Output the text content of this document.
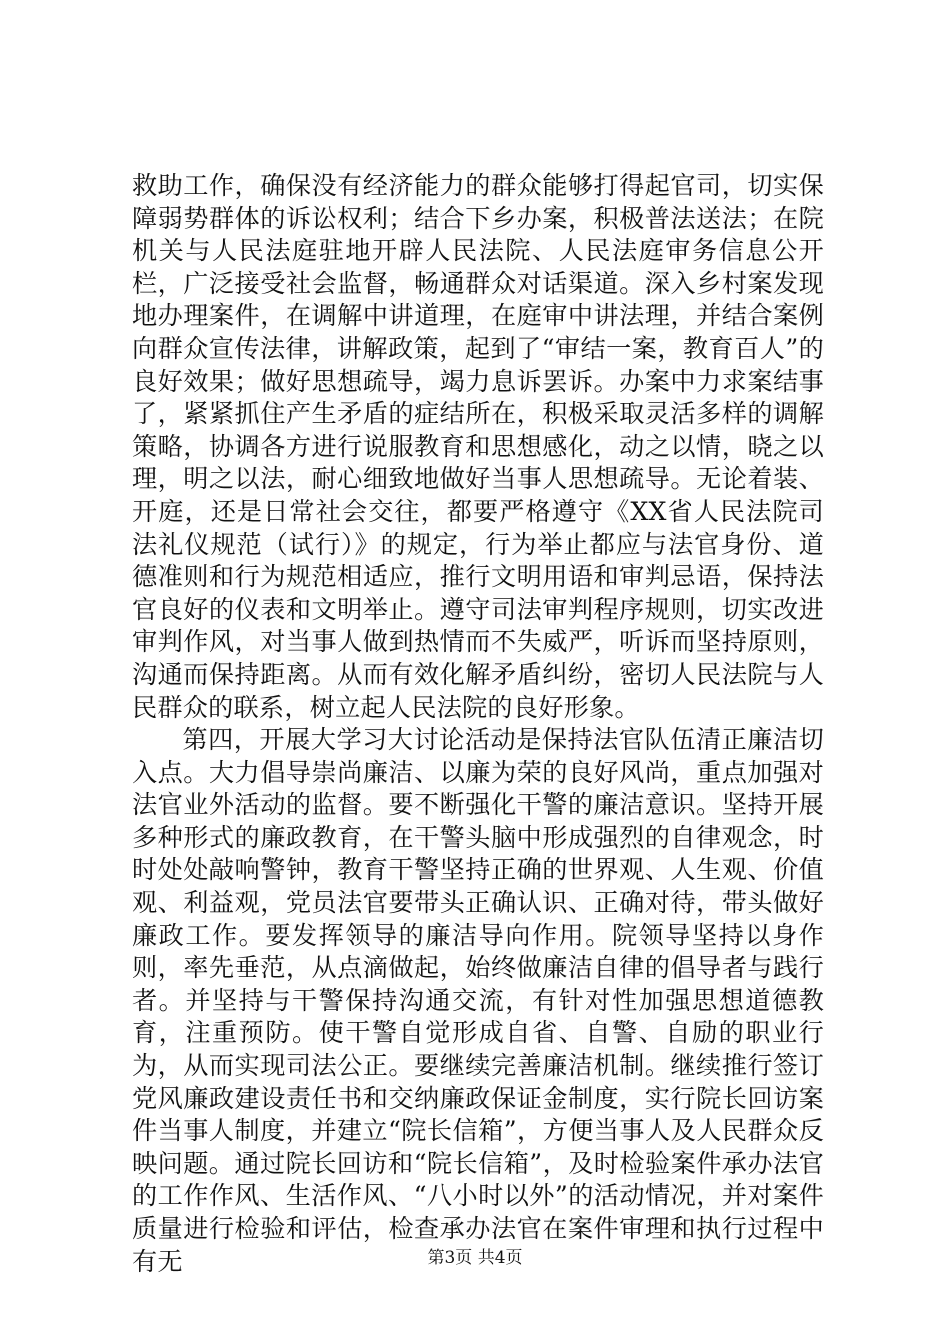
救助工作，确保没有经济能力的群众能够打得起官司，切实保障弱势群体的诉讼权利；结合下乡办案，积极普法送法；在院机关与人民法庭驻地开辟人民法院、人民法庭审务信息公开栏，广泛接受社会监督，畅通群众对话渠道。深入乡村案发现地办理案件，在调解中讲道理，在庭审中讲法理，并结合案例向群众宣传法律，讲解政策，起到了“审结一案，教育百人”的良好效果；做好思想疏导，竭力息诉罢诉。办案中力求案结事了，紧紧抓住产生矛盾的症结所在，积极采取灵活多样的调解策略，协调各方进行说服教育和思想感化，动之以情，晓之以理，明之以法，耐心细致地做好当事人思想疏导。无论着装、开庭，还是日常社会交往，都要严格遵守《XX省人民法院司法礼仪规范（试行）》的规定，行为举止都应与法官身份、道德准则和行为规范相适应，推行文明用语和审判忌语，保持法官良好的仪表和文明举止。遵守司法审判程序规则，切实改进审判作风，对当事人做到热情而不失威严，听诉而坚持原则，沟通而保持距离。从而有效化解矛盾纠纷，密切人民法院与人民群众的联系，树立起人民法院的良好形象。

第四，开展大学习大讨论活动是保持法官队伍清正廉洁切入点。大力倡导崇尚廉洁、以廉为荣的良好风尚，重点加强对法官业外活动的监督。要不断强化干警的廉洁意识。坚持开展多种形式的廉政教育，在干警头脑中形成强烈的自律观念，时时处处敲响警钟，教育干警坚持正确的世界观、人生观、价值观、利益观，党员法官要带头正确认识、正确对待，带头做好廉政工作。要发挥领导的廉洁导向作用。院领导坚持以身作则，率先垂范，从点滴做起，始终做廉洁自律的倡导者与践行者。并坚持与干警保持沟通交流，有针对性加强思想道德教育，注重预防。使干警自觉形成自省、自警、自励的职业行为，从而实现司法公正。要继续完善廉洁机制。继续推行签订党风廉政建设责任书和交纳廉政保证金制度，实行院长回访案件当事人制度，并建立“院长信箱”，方便当事人及人民群众反映问题。通过院长回访和“院长信箱”，及时检验案件承办法官的工作作风、生活作风、“八小时以外”的活动情况，并对案件质量进行检验和评估，检查承办法官在案件审理和执行过程中有无	第3页 共4页
